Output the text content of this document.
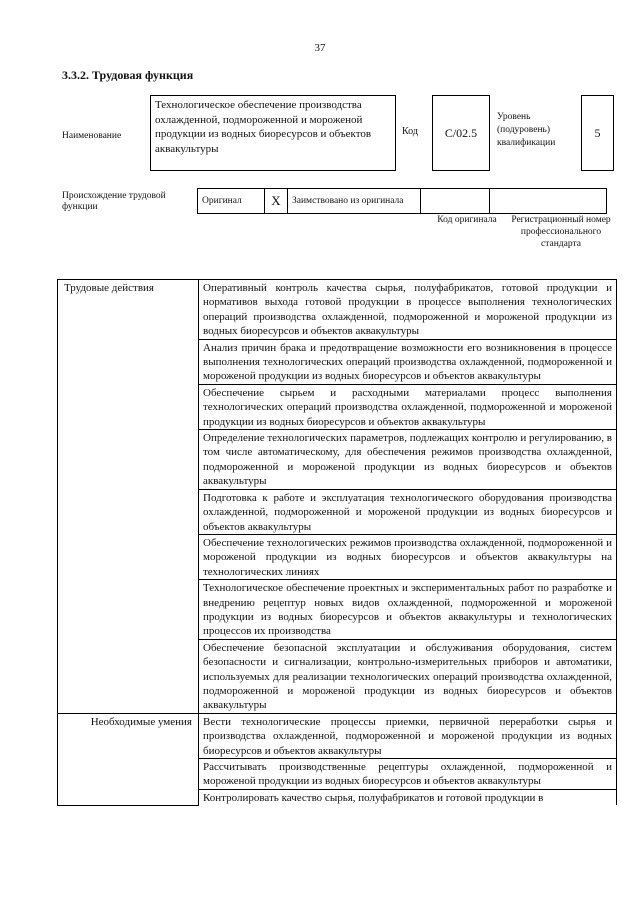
37
3.3.2. Трудовая функция
Наименование
Технологическое обеспечение производства охлажденной, подмороженной и мороженой продукции из водных биоресурсов и объектов аквакультуры
Код	C/02.5
Уровень (подуровень) квалификации
5
Происхождение трудовой функции
Оригинал	X	Заимствовано из оригинала		
Код оригинала	Регистрационный номер профессионального стандарта
Трудовые действия	Оперативный контроль качества сырья, полуфабрикатов, готовой продукции и нормативов выхода готовой продукции в процессе выполнения технологических операций производства охлажденной, подмороженной и мороженой продукции из водных биоресурсов и объектов аквакультуры
	Анализ причин брака и предотвращение возможности его возникновения в процессе выполнения технологических операций производства охлажденной, подмороженной и мороженой продукции из водных биоресурсов и объектов аквакультуры
	Обеспечение сырьем и расходными материалами процесс выполнения технологических операций производства охлажденной, подмороженной и мороженой продукции из водных биоресурсов и объектов аквакультуры
	Определение технологических параметров, подлежащих контролю и регулированию, в том числе автоматическому, для обеспечения режимов производства охлажденной, подмороженной и мороженой продукции из водных биоресурсов и объектов аквакультуры
	Подготовка к работе и эксплуатация технологического оборудования производства охлажденной, подмороженной и мороженой продукции из водных биоресурсов и объектов аквакультуры
	Обеспечение технологических режимов производства охлажденной, подмороженной и мороженой продукции из водных биоресурсов и объектов аквакультуры на технологических линиях
	Технологическое обеспечение проектных и экспериментальных работ по разработке и внедрению рецептур новых видов охлажденной, подмороженной и мороженой продукции из водных биоресурсов и объектов аквакультуры и технологических процессов их производства
	Обеспечение безопасной эксплуатации и обслуживания оборудования, систем безопасности и сигнализации, контрольно-измерительных приборов и автоматики, используемых для реализации технологических операций производства охлажденной, подмороженной и мороженой продукции из водных биоресурсов и объектов аквакультуры
Необходимые умения	Вести технологические процессы приемки, первичной переработки сырья и производства охлажденной, подмороженной и мороженой продукции из водных биоресурсов и объектов аквакультуры
	Рассчитывать производственные рецептуры охлажденной, подмороженной и мороженой продукции из водных биоресурсов и объектов аквакультуры
	Контролировать качество сырья, полуфабрикатов и готовой продукции в
